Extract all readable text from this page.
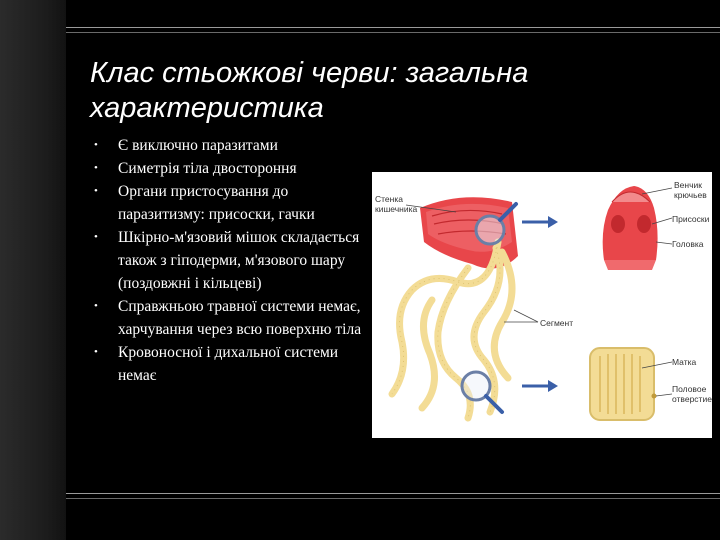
Клас стьожкові черви: загальна характеристика
• Є виключно паразитами
• Симетрія тіла двостороння
• Органи пристосування до паразитизму: присоски, гачки
• Шкірно-м'язовий мішок складається також з гіподерми, м'язового шару (поздовжні і кільцеві)
• Справжньою травної системи немає, харчування через всю поверхню тіла
• Кровоносної і дихальної системи немає
Стенка
кишечника
Венчик
крючьев
Присоски
Головка
Сегмент
Матка
Половое
отверстие
